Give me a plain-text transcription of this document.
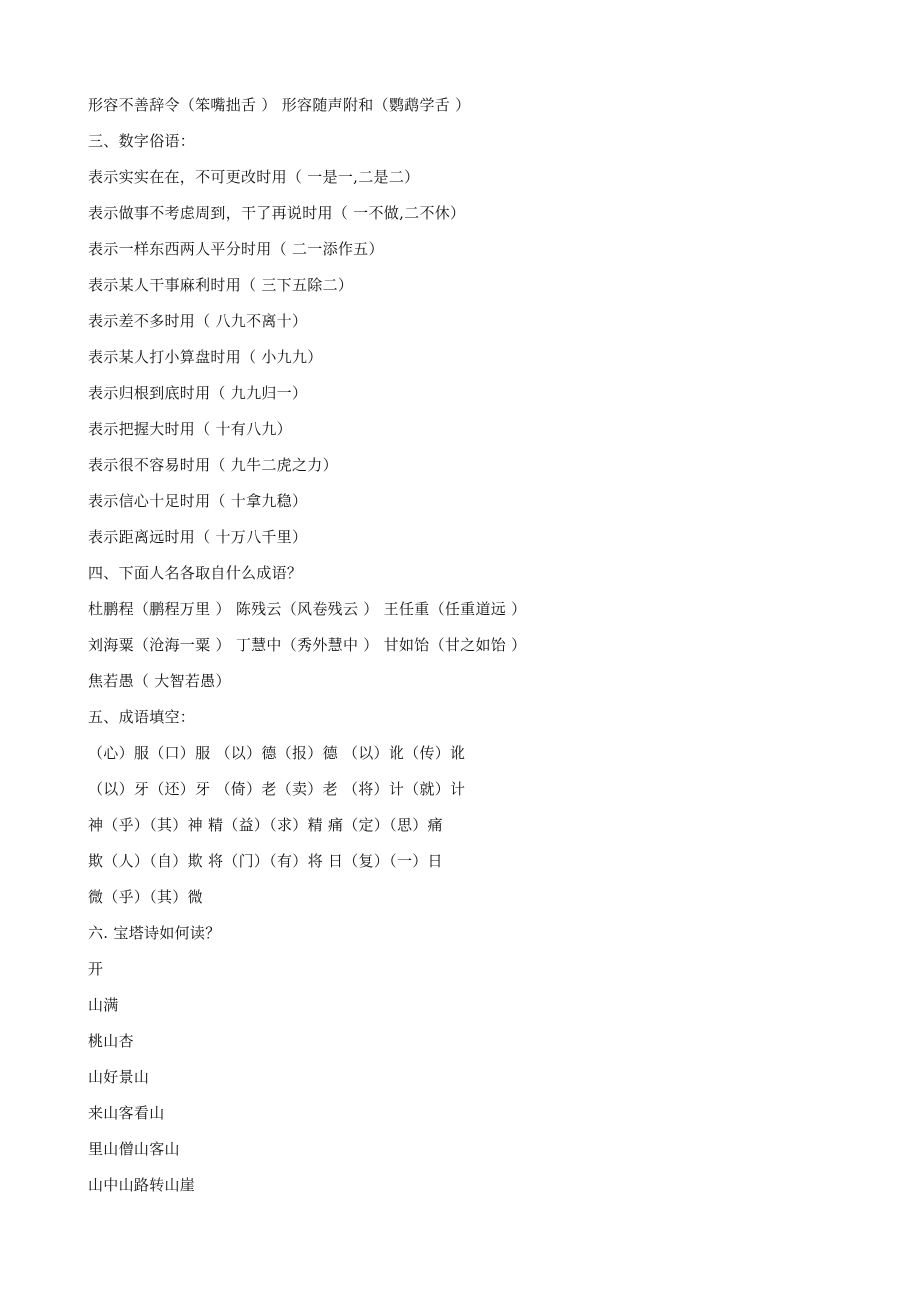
形容不善辞令（笨嘴拙舌 ） 形容随声附和（鹦鹉学舌 ）
三、数字俗语：
表示实实在在，不可更改时用（ 一是一,二是二）
表示做事不考虑周到，干了再说时用（ 一不做,二不休）
表示一样东西两人平分时用（ 二一添作五）
表示某人干事麻利时用（ 三下五除二）
表示差不多时用（ 八九不离十）
表示某人打小算盘时用（ 小九九）
表示归根到底时用（ 九九归一）
表示把握大时用（ 十有八九）
表示很不容易时用（ 九牛二虎之力）
表示信心十足时用（ 十拿九稳）
表示距离远时用（ 十万八千里）
四、下面人名各取自什么成语？
杜鹏程（鹏程万里 ） 陈残云（风卷残云 ） 王任重（任重道远 ）
刘海粟（沧海一粟 ） 丁慧中（秀外慧中 ） 甘如饴（甘之如饴 ）
焦若愚（ 大智若愚）
五、成语填空：
（心）服（口）服 （以）德（报）德 （以）讹（传）讹
（以）牙（还）牙 （倚）老（卖）老 （将）计（就）计
神（乎）（其）神 精（益）（求）精 痛（定）（思）痛
欺（人）（自）欺 将（门）（有）将 日（复）（一）日
微（乎）（其）微
六. 宝塔诗如何读？
开
山满
桃山杏
山好景山
来山客看山
里山僧山客山
山中山路转山崖
